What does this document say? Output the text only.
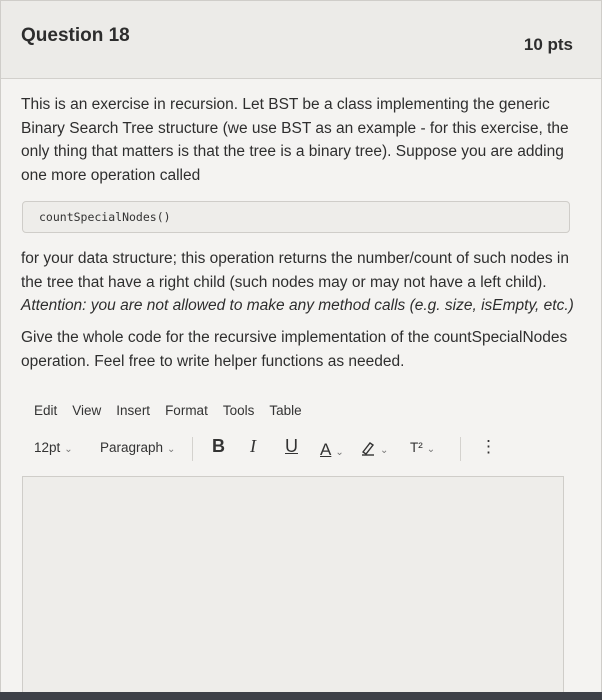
Question 18	10 pts
This is an exercise in recursion. Let BST be a class implementing the generic Binary Search Tree structure (we use BST as an example - for this exercise, the only thing that matters is that the tree is a binary tree). Suppose you are adding one more operation called
countSpecialNodes()
for your data structure; this operation returns the number/count of such nodes in the tree that have a right child (such nodes may or may not have a left child). Attention: you are not allowed to make any method calls (e.g. size, isEmpty, etc.)
Give the whole code for the recursive implementation of the countSpecialNodes operation. Feel free to write helper functions as needed.
Edit View Insert Format Tools Table
12pt ⌄ Paragraph ⌄ B I U A ⌄	⌄ T² ⌄	⋮
